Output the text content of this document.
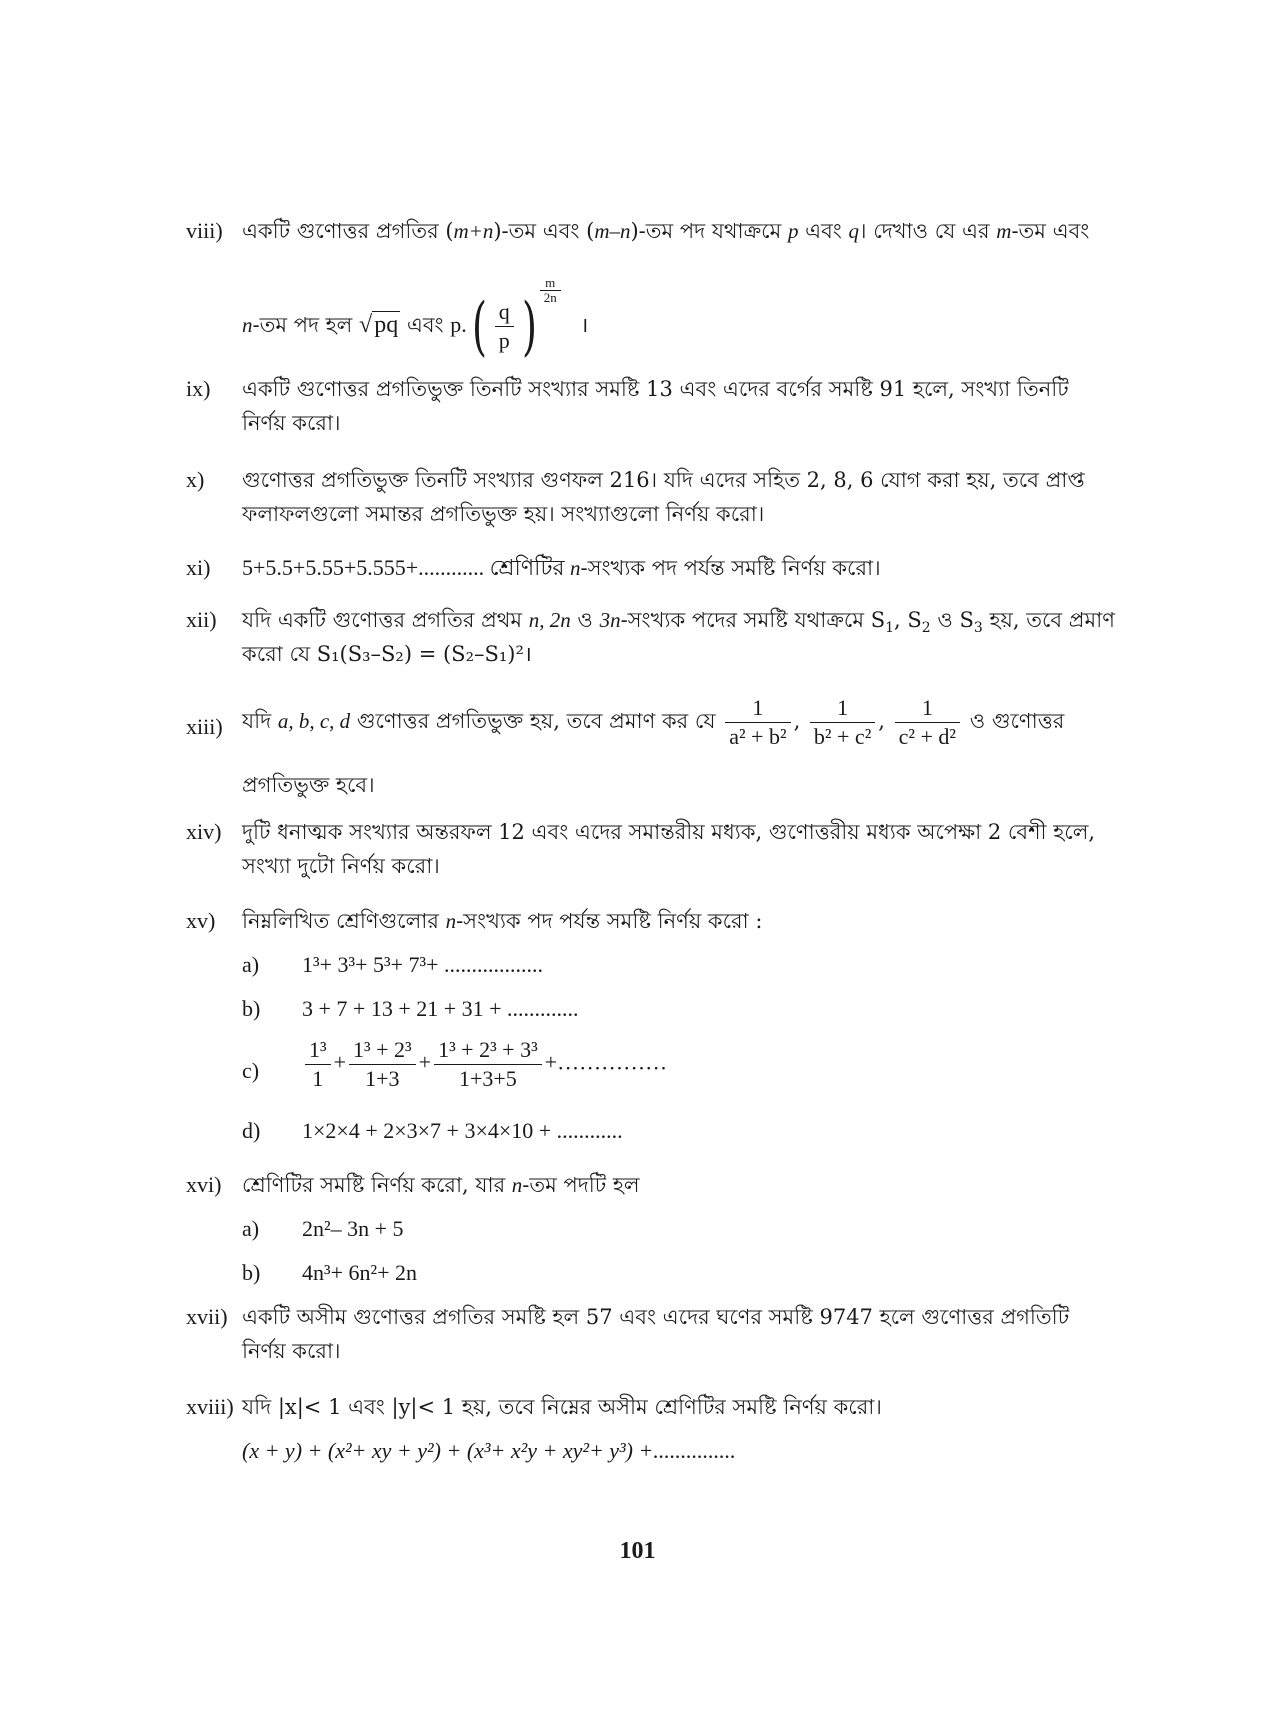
viii) একটি গুণোত্তর প্রগতির (m+n)-তম এবং (m–n)-তম পদ যথাক্রমে p এবং q। দেখাও যে এর m-তম এবং
n-তম পদ হল √pq এবং $p.( \frac{q}{p}$ ) $\frac{m}{2n}$
।
ix)	একটি গুণোত্তর প্রগতিভুক্ত তিনটি সংখ্যার সমষ্টি 13 এবং এদের বর্গের সমষ্টি 91 হলে, সংখ্যা তিনটি নির্ণয় করো।
x)	গুণোত্তর প্রগতিভুক্ত তিনটি সংখ্যার গুণফল 216। যদি এদের সহিত 2, 8, 6 যোগ করা হয়, তবে প্রাপ্ত ফলাফলগুলো সমান্তর প্রগতিভুক্ত হয়। সংখ্যাগুলো নির্ণয় করো।
xi)	5+5.5+5.55+5.555+............ শ্রেণিটির n-সংখ্যক পদ পর্যন্ত সমষ্টি নির্ণয় করো।
xii)	যদি একটি গুণোত্তর প্রগতির প্রথম n, 2n ও 3n-সংখ্যক পদের সমষ্টি যথাক্রমে $S_1$, $S_2$ ও $S_3$ হয়, তবে প্রমাণ
করো যে S₁(S₃–S₂) = (S₂–S₁)²।
xiii) যদি a, b, c, d গুণোত্তর প্রগতিভুক্ত হয়, তবে প্রমাণ কর যে $\frac{1}{\text{a² + b²}}$ , $\frac{1}{\text{b² + c²}}$ , $\frac{1}{\text{c² + d²}}$ ও গুণোত্তর
প্রগতিভুক্ত হবে।
xiv) দুটি ধনাত্মক সংখ্যার অন্তরফল 12 এবং এদের সমান্তরীয় মধ্যক, গুণোত্তরীয় মধ্যক অপেক্ষা 2 বেশী হলে, সংখ্যা দুটো নির্ণয় করো।
xv)	নিম্নলিখিত শ্রেণিগুলোর n-সংখ্যক পদ পর্যন্ত সমষ্টি নির্ণয় করো :
a) 1³+ 3³+ 5³+ 7³+ ..................
b) 3 + 7 + 13 + 21 + 31 + .............
$c) \frac{\text{1³}}{1} + \frac{\text{1³ + 2³}}{1+3} + \frac{\text{1³ + 2³ + 3³}}{1+3+5}$ +……………
d) 1×2×4 + 2×3×7 + 3×4×10 + ............
xvi) শ্রেণিটির সমষ্টি নির্ণয় করো, যার n-তম পদটি হল
a) 2n²– 3n + 5
b) 4n³+ 6n²+ 2n
xvii) একটি অসীম গুণোত্তর প্রগতির সমষ্টি হল 57 এবং এদের ঘণের সমষ্টি 9747 হলে গুণোত্তর প্রগতিটি নির্ণয় করো।
xviii) যদি |x|< 1 এবং |y|< 1 হয়, তবে নিম্নের অসীম শ্রেণিটির সমষ্টি নির্ণয় করো।
(x + y) + (x²+ xy + y²) + (x³+ x²y + xy²+ y³) +...............
101
